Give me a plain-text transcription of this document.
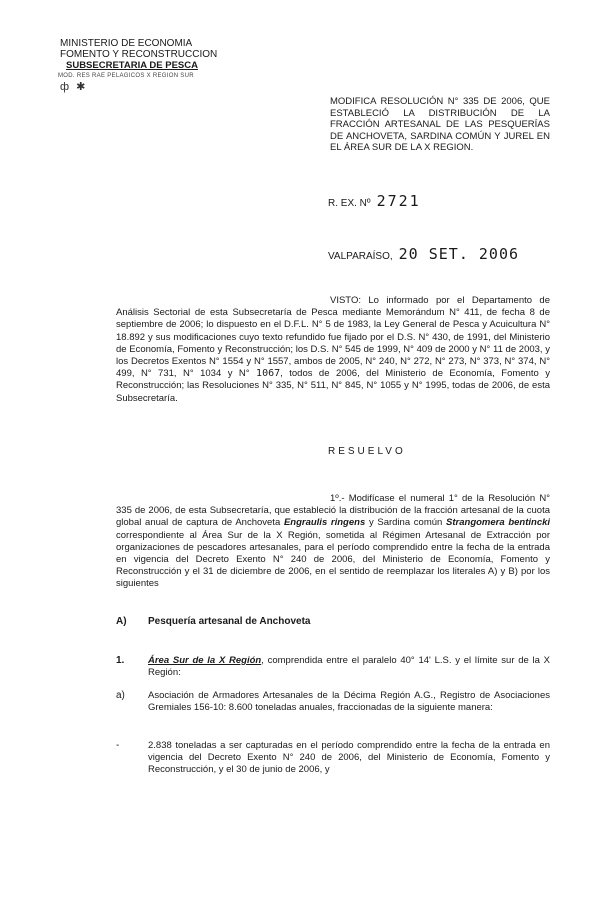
MINISTERIO DE ECONOMIA
FOMENTO Y RECONSTRUCCION
SUBSECRETARIA DE PESCA
MOD. RES RAE PELAGICOS X REGION SUR
ф ✱
MODIFICA RESOLUCIÓN N° 335 DE 2006, QUE ESTABLECIÓ LA DISTRIBUCIÓN DE LA FRACCIÓN ARTESANAL DE LAS PESQUERÍAS DE ANCHOVETA, SARDINA COMÚN Y JUREL EN EL ÁREA SUR DE LA X REGION.
R. EX. Nº 2721
VALPARAÍSO, 20 SET. 2006
VISTO: Lo informado por el Departamento de Análisis Sectorial de esta Subsecretaría de Pesca mediante Memorándum N° 411, de fecha 8 de septiembre de 2006; lo dispuesto en el D.F.L. N° 5 de 1983, la Ley General de Pesca y Acuicultura N° 18.892 y sus modificaciones cuyo texto refundido fue fijado por el D.S. N° 430, de 1991, del Ministerio de Economía, Fomento y Reconstrucción; los D.S. N° 545 de 1999, N° 409 de 2000 y N° 11 de 2003, y los Decretos Exentos N° 1554 y N° 1557, ambos de 2005, N° 240, N° 272, N° 273, N° 373, N° 374, N° 499, N° 731, N° 1034 y N° 1067, todos de 2006, del Ministerio de Economía, Fomento y Reconstrucción; las Resoluciones N° 335, N° 511, N° 845, N° 1055 y N° 1995, todas de 2006, de esta Subsecretaría.
RESUELVO
1º.- Modifícase el numeral 1° de la Resolución N° 335 de 2006, de esta Subsecretaría, que estableció la distribución de la fracción artesanal de la cuota global anual de captura de Anchoveta Engraulis ringens y Sardina común Strangomera bentincki correspondiente al Área Sur de la X Región, sometida al Régimen Artesanal de Extracción por organizaciones de pescadores artesanales, para el período comprendido entre la fecha de la entrada en vigencia del Decreto Exento N° 240 de 2006, del Ministerio de Economía, Fomento y Reconstrucción y el 31 de diciembre de 2006, en el sentido de reemplazar los literales A) y B) por los siguientes
A) Pesquería artesanal de Anchoveta
1. Área Sur de la X Región, comprendida entre el paralelo 40° 14' L.S. y el límite sur de la X Región:
a) Asociación de Armadores Artesanales de la Décima Región A.G., Registro de Asociaciones Gremiales 156-10: 8.600 toneladas anuales, fraccionadas de la siguiente manera:
-	2.838 toneladas a ser capturadas en el período comprendido entre la fecha de la entrada en vigencia del Decreto Exento N° 240 de 2006, del Ministerio de Economía, Fomento y Reconstrucción, y el 30 de junio de 2006, y
